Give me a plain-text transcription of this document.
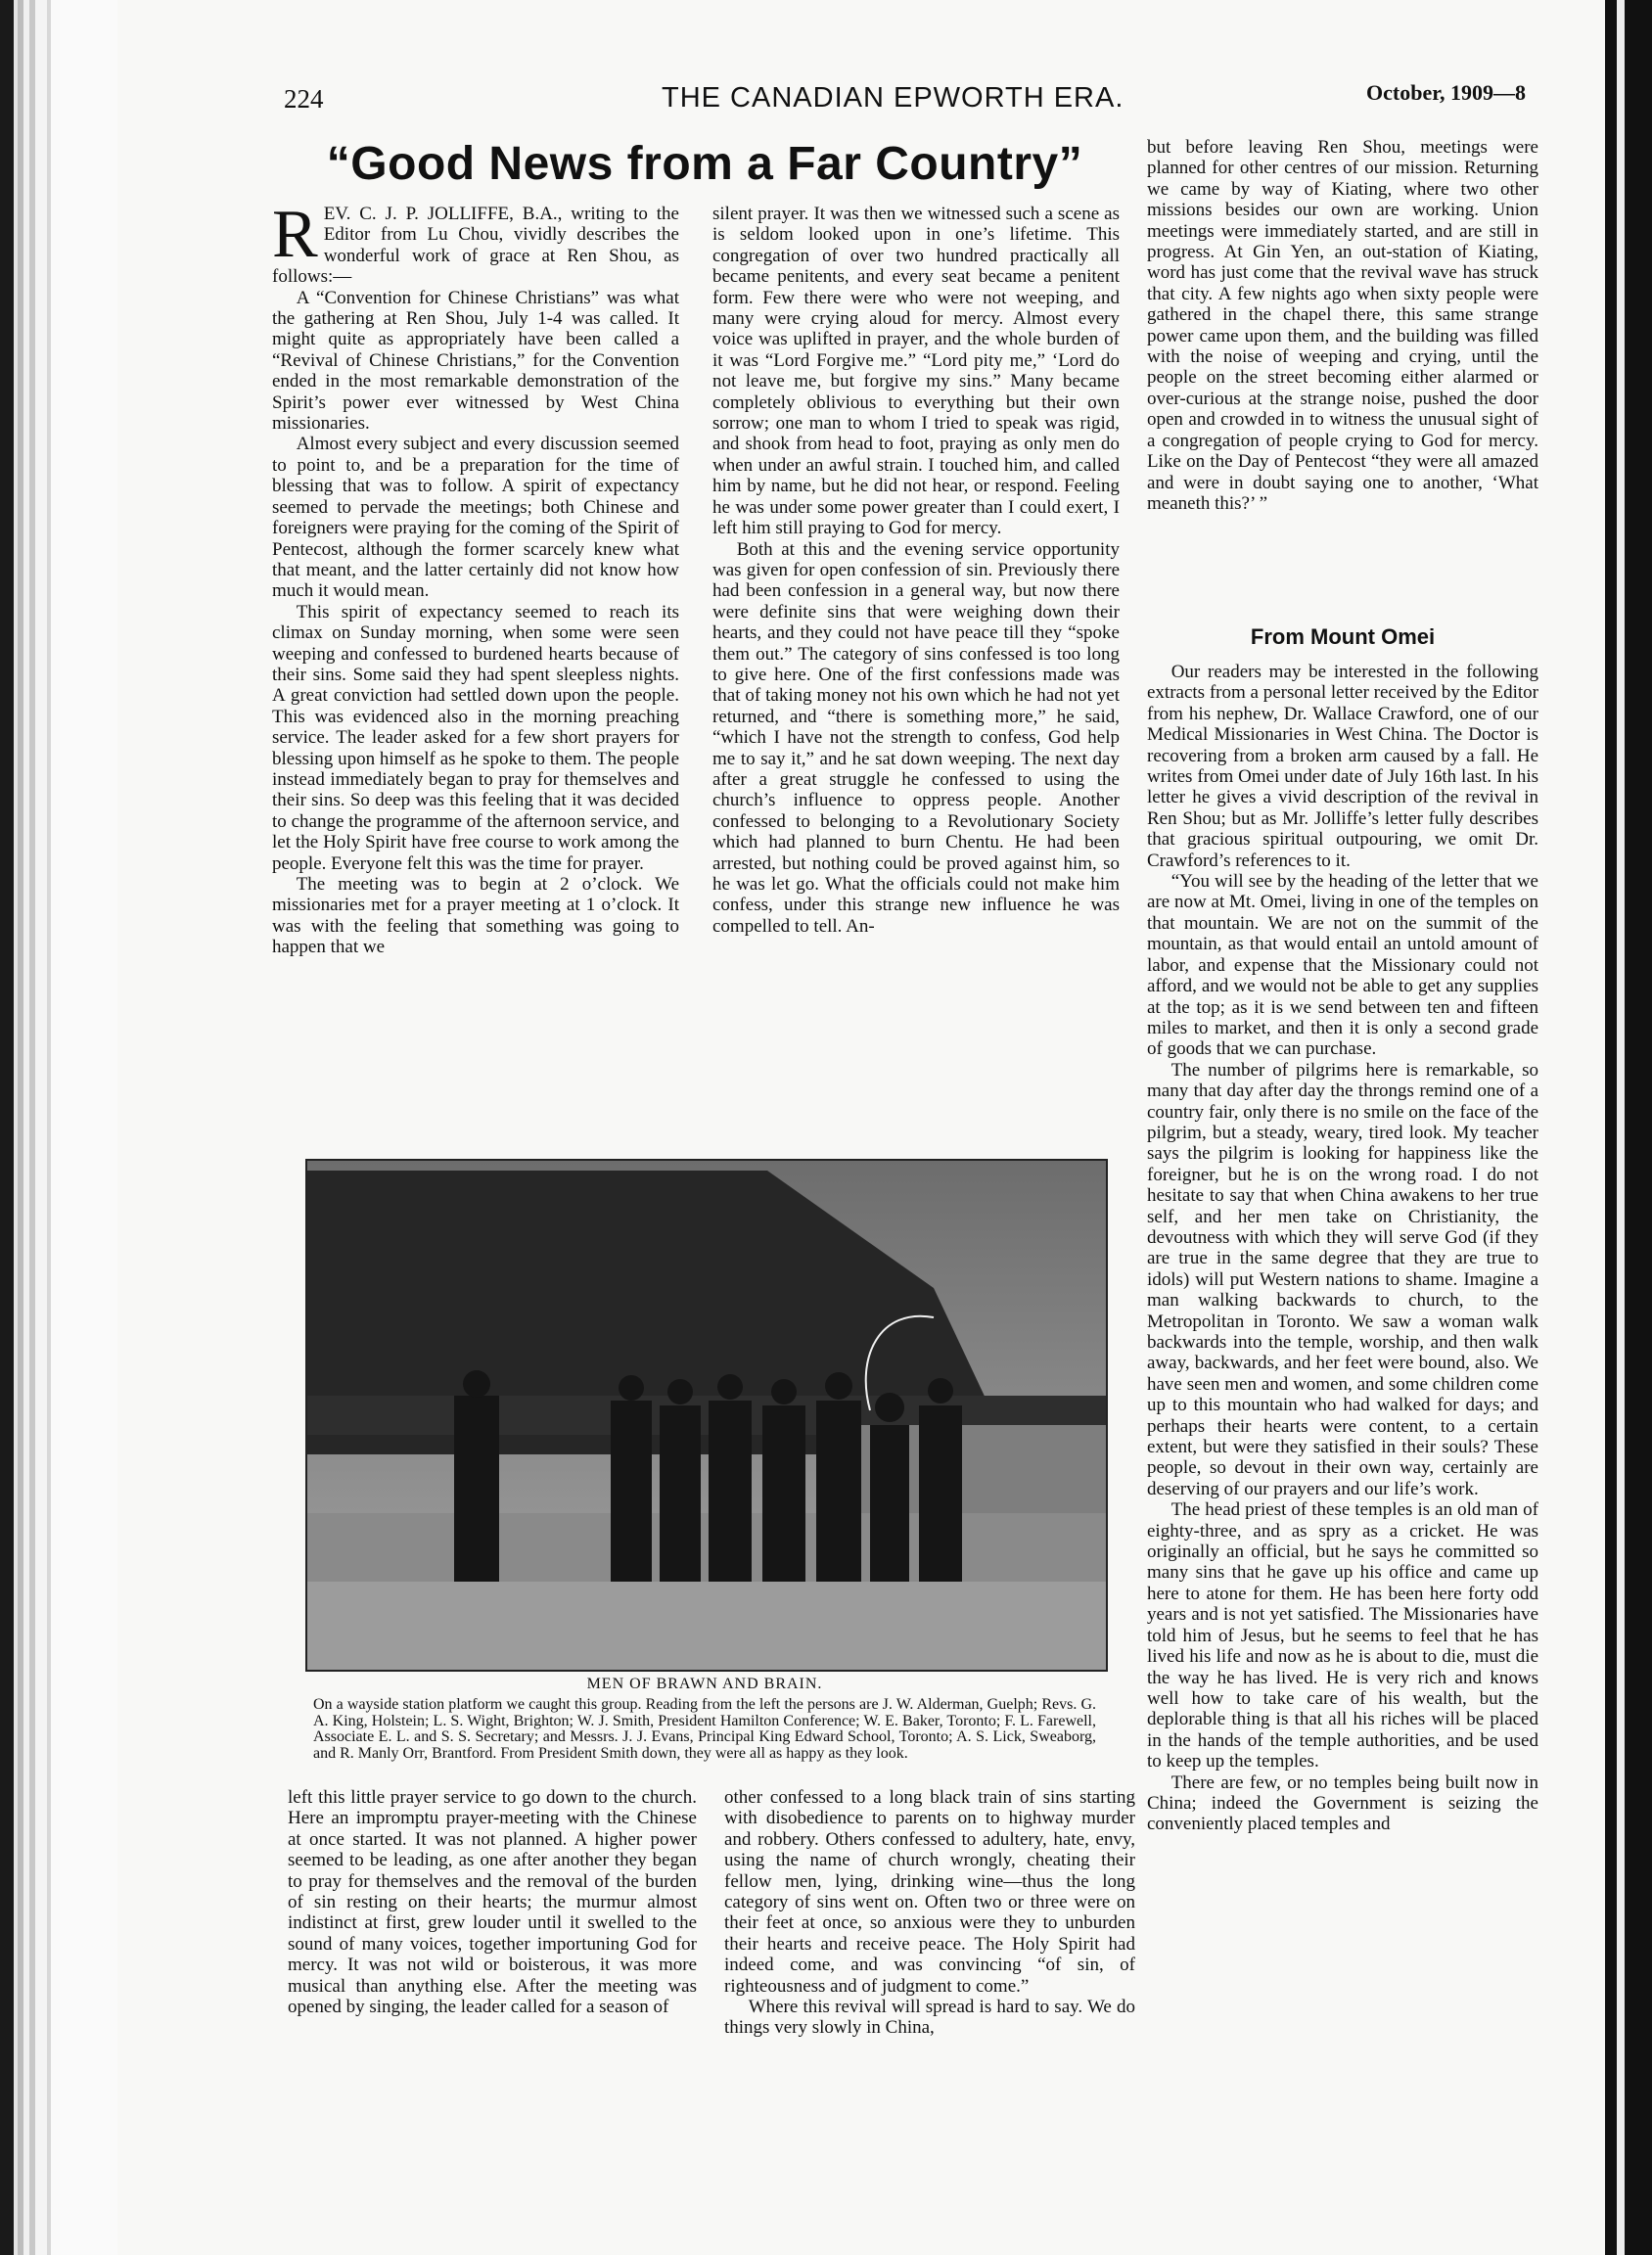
224	THE CANADIAN EPWORTH ERA.	October, 1909—8
“Good News from a Far Country”

REV. C. J. P. JOLLIFFE, B.A., writing to the Editor from Lu Chou, vividly describes the wonderful work of grace at Ren Shou, as follows:—

A “Convention for Chinese Christians” was what the gathering at Ren Shou, July 1-4 was called. It might quite as appropriately have been called a “Revival of Chinese Christians,” for the Convention ended in the most remarkable demonstration of the Spirit’s power ever witnessed by West China missionaries.

Almost every subject and every discussion seemed to point to, and be a preparation for the time of blessing that was to follow. A spirit of expectancy seemed to pervade the meetings; both Chinese and foreigners were praying for the coming of the Spirit of Pentecost, although the former scarcely knew what that meant, and the latter certainly did not know how much it would mean.

This spirit of expectancy seemed to reach its climax on Sunday morning, when some were seen weeping and confessed to burdened hearts because of their sins. Some said they had spent sleepless nights. A great conviction had settled down upon the people. This was evidenced also in the morning preaching service. The leader asked for a few short prayers for blessing upon himself as he spoke to them. The people instead immediately began to pray for themselves and their sins. So deep was this feeling that it was decided to change the programme of the afternoon service, and let the Holy Spirit have free course to work among the people. Everyone felt this was the time for prayer.

The meeting was to begin at 2 o’clock. We missionaries met for a prayer meeting at 1 o’clock. It was with the feeling that something was going to happen that we

silent prayer. It was then we witnessed such a scene as is seldom looked upon in one’s lifetime. This congregation of over two hundred practically all became penitents, and every seat became a penitent form. Few there were who were not weeping, and many were crying aloud for mercy. Almost every voice was uplifted in prayer, and the whole burden of it was “Lord Forgive me.” “Lord pity me,” ‘Lord do not leave me, but forgive my sins.” Many became completely oblivious to everything but their own sorrow; one man to whom I tried to speak was rigid, and shook from head to foot, praying as only men do when under an awful strain. I touched him, and called him by name, but he did not hear, or respond. Feeling he was under some power greater than I could exert, I left him still praying to God for mercy.

Both at this and the evening service opportunity was given for open confession of sin. Previously there had been confession in a general way, but now there were definite sins that were weighing down their hearts, and they could not have peace till they “spoke them out.” The category of sins confessed is too long to give here. One of the first confessions made was that of taking money not his own which he had not yet returned, and “there is something more,” he said, “which I have not the strength to confess, God help me to say it,” and he sat down weeping. The next day after a great struggle he confessed to using the church’s influence to oppress people. Another confessed to belonging to a Revolutionary Society which had planned to burn Chentu. He had been arrested, but nothing could be proved against him, so he was let go. What the officials could not make him confess, under this strange new influence he was compelled to tell. An-

but before leaving Ren Shou, meetings were planned for other centres of our mission. Returning we came by way of Kiating, where two other missions besides our own are working. Union meetings were immediately started, and are still in progress. At Gin Yen, an out-station of Kiating, word has just come that the revival wave has struck that city. A few nights ago when sixty people were gathered in the chapel there, this same strange power came upon them, and the building was filled with the noise of weeping and crying, until the people on the street becoming either alarmed or over-curious at the strange noise, pushed the door open and crowded in to witness the unusual sight of a congregation of people crying to God for mercy. Like on the Day of Pentecost “they were all amazed and were in doubt saying one to another, ‘What meaneth this?’ ”

From Mount Omei

Our readers may be interested in the following extracts from a personal letter received by the Editor from his nephew, Dr. Wallace Crawford, one of our Medical Missionaries in West China. The Doctor is recovering from a broken arm caused by a fall. He writes from Omei under date of July 16th last. In his letter he gives a vivid description of the revival in Ren Shou; but as Mr. Jolliffe’s letter fully describes that gracious spiritual outpouring, we omit Dr. Crawford’s references to it.

“You will see by the heading of the letter that we are now at Mt. Omei, living in one of the temples on that mountain. We are not on the summit of the mountain, as that would entail an untold amount of labor, and expense that the Missionary could not afford, and we would not be able to get any supplies at the top; as it is we send between ten and fifteen miles to market, and then it is only a second grade of goods that we can purchase.

The number of pilgrims here is remarkable, so many that day after day the throngs remind one of a country fair, only there is no smile on the face of the pilgrim, but a steady, weary, tired look. My teacher says the pilgrim is looking for happiness like the foreigner, but he is on the wrong road. I do not hesitate to say that when China awakens to her true self, and her men take on Christianity, the devoutness with which they will serve God (if they are true in the same degree that they are true to idols) will put Western nations to shame. Imagine a man walking backwards to church, to the Metropolitan in Toronto. We saw a woman walk backwards into the temple, worship, and then walk away, backwards, and her feet were bound, also. We have seen men and women, and some children come up to this mountain who had walked for days; and perhaps their hearts were content, to a certain extent, but were they satisfied in their souls? These people, so devout in their own way, certainly are deserving of our prayers and our life’s work.

The head priest of these temples is an old man of eighty-three, and as spry as a cricket. He was originally an official, but he says he committed so many sins that he gave up his office and came up here to atone for them. He has been here forty odd years and is not yet satisfied. The Missionaries have told him of Jesus, but he seems to feel that he has lived his life and now as he is about to die, must die the way he has lived. He is very rich and knows well how to take care of his wealth, but the deplorable thing is that all his riches will be placed in the hands of the temple authorities, and be used to keep up the temples.

There are few, or no temples being built now in China; indeed the Government is seizing the conveniently placed temples and

MEN OF BRAWN AND BRAIN.
On a wayside station platform we caught this group. Reading from the left the persons are J. W. Alderman, Guelph; Revs. G. A. King, Holstein; L. S. Wight, Brighton; W. J. Smith, President Hamilton Conference; W. E. Baker, Toronto; F. L. Farewell, Associate E. L. and S. S. Secretary; and Messrs. J. J. Evans, Principal King Edward School, Toronto; A. S. Lick, Sweaborg, and R. Manly Orr, Brantford. From President Smith down, they were all as happy as they look.

left this little prayer service to go down to the church. Here an impromptu prayer-meeting with the Chinese at once started. It was not planned. A higher power seemed to be leading, as one after another they began to pray for themselves and the removal of the burden of sin resting on their hearts; the murmur almost indistinct at first, grew louder until it swelled to the sound of many voices, together importuning God for mercy. It was not wild or boisterous, it was more musical than anything else. After the meeting was opened by singing, the leader called for a season of

other confessed to a long black train of sins starting with disobedience to parents on to highway murder and robbery. Others confessed to adultery, hate, envy, using the name of church wrongly, cheating their fellow men, lying, drinking wine—thus the long category of sins went on. Often two or three were on their feet at once, so anxious were they to unburden their hearts and receive peace. The Holy Spirit had indeed come, and was convincing “of sin, of righteousness and of judgment to come.”

Where this revival will spread is hard to say. We do things very slowly in China,
